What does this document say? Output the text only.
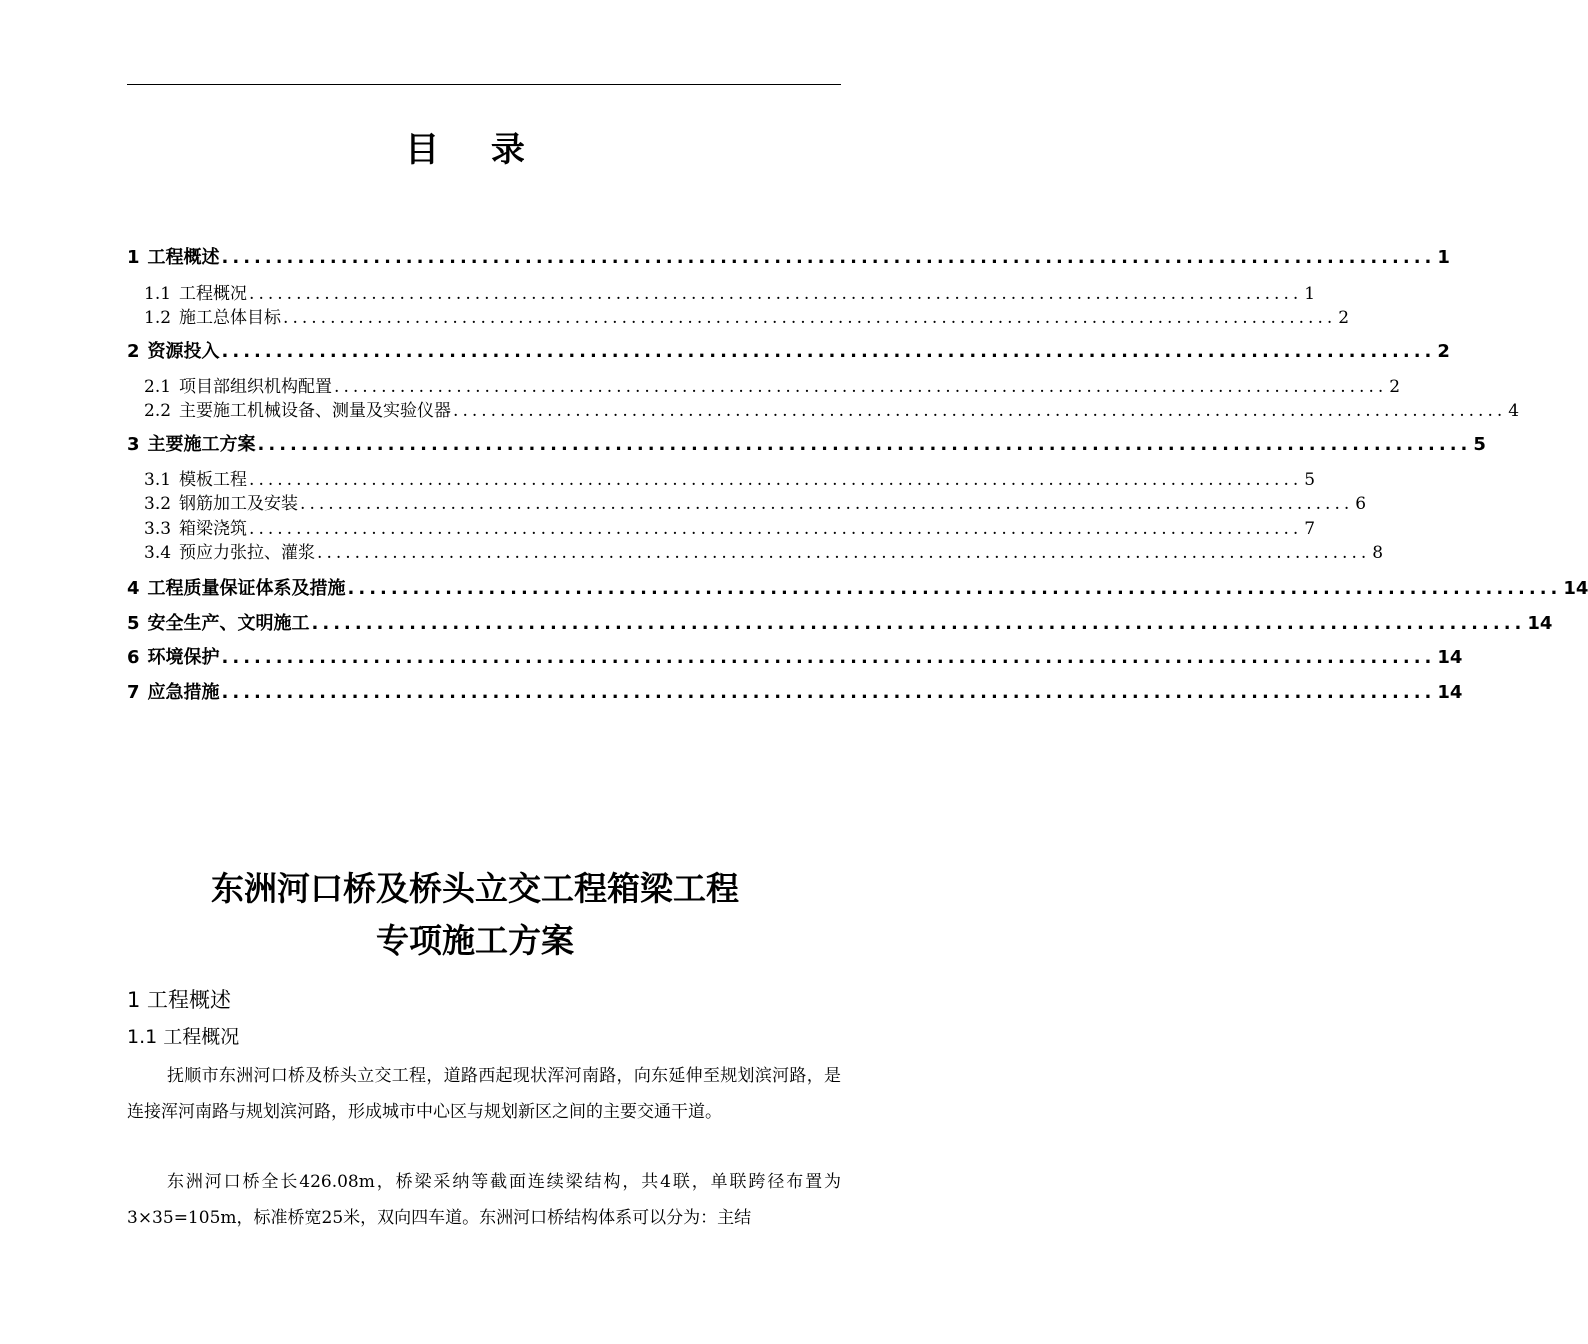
目 录
1 工程概述 ................................................................................................................ 1
1.1 工程概况 ................................................................................................................ 1
1.2 施工总体目标 ................................................................................................................ 2
2 资源投入 ................................................................................................................ 2
2.1 项目部组织机构配置 ................................................................................................................ 2
2.2 主要施工机械设备、测量及实验仪器 ................................................................................................................ 4
3 主要施工方案 ................................................................................................................ 5
3.1 模板工程 ................................................................................................................ 5
3.2 钢筋加工及安装 ................................................................................................................ 6
3.3 箱梁浇筑 ................................................................................................................ 7
3.4 预应力张拉、灌浆 ................................................................................................................ 8
4 工程质量保证体系及措施 ................................................................................................................ 14
5 安全生产、文明施工 ................................................................................................................ 14
6 环境保护 ................................................................................................................ 14
7 应急措施 ................................................................................................................ 14
东洲河口桥及桥头立交工程箱梁工程
专项施工方案
1 工程概述
1.1 工程概况

抚顺市东洲河口桥及桥头立交工程，道路西起现状浑河南路，向东延伸至规划滨河路，是连接浑河南路与规划滨河路，形成城市中心区与规划新区之间的主要交通干道。

东洲河口桥全长426.08m，桥梁采纳等截面连续梁结构，共4联，单联跨径布置为3×35=105m，标准桥宽25米，双向四车道。东洲河口桥结构体系可以分为：主结
